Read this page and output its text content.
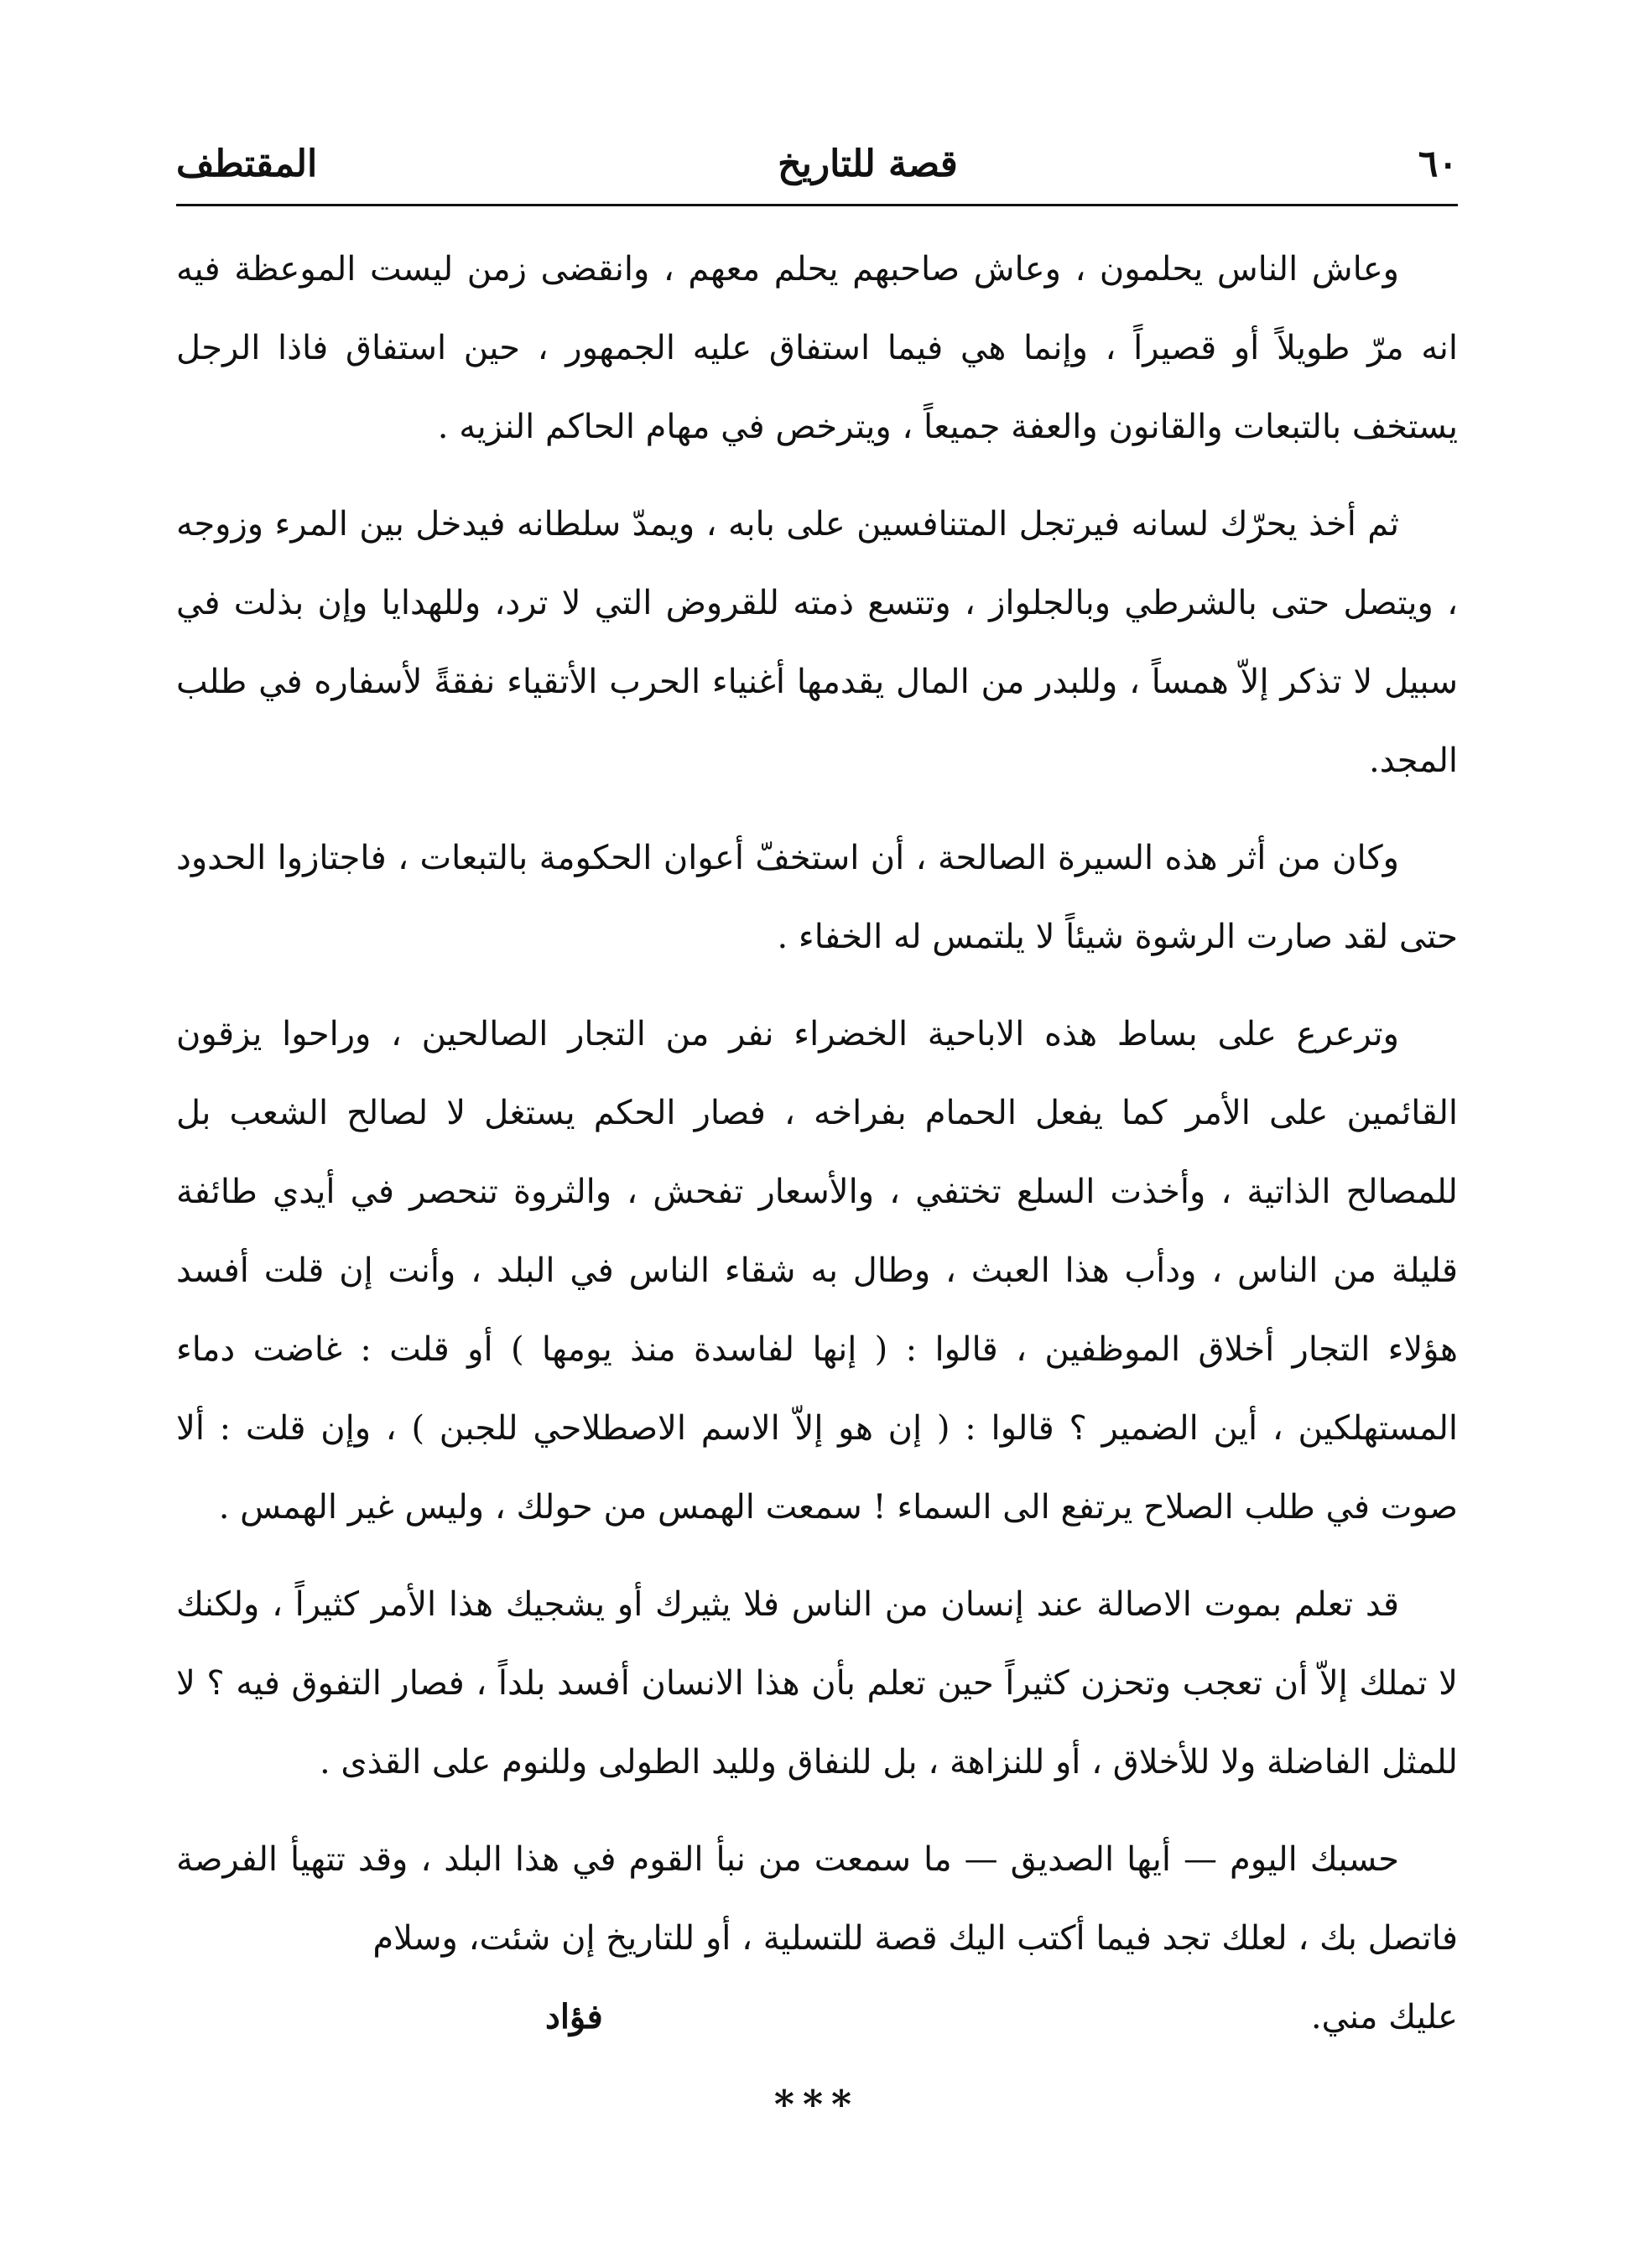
٦٠
قصة للتاريخ
المقتطف

وعاش الناس يحلمون ، وعاش صاحبهم يحلم معهم ، وانقضى زمن ليست الموعظة فيه انه مرّ طويلاً أو قصيراً ، وإنما هي فيما استفاق عليه الجمهور ، حين استفاق فاذا الرجل يستخف بالتبعات والقانون والعفة جميعاً ، ويترخص في مهام الحاكم النزيه .

ثم أخذ يحرّك لسانه فيرتجل المتنافسين على بابه ، ويمدّ سلطانه فيدخل بين المرء وزوجه ، ويتصل حتى بالشرطي وبالجلواز ، وتتسع ذمته للقروض التي لا ترد، وللهدايا وإن بذلت في سبيل لا تذكر إلاّ همساً ، وللبدر من المال يقدمها أغنياء الحرب الأتقياء نفقةً لأسفاره في طلب المجد.

وكان من أثر هذه السيرة الصالحة ، أن استخفّ أعوان الحكومة بالتبعات ، فاجتازوا الحدود حتى لقد صارت الرشوة شيئاً لا يلتمس له الخفاء .

وترعرع على بساط هذه الاباحية الخضراء نفر من التجار الصالحين ، وراحوا يزقون القائمين على الأمر كما يفعل الحمام بفراخه ، فصار الحكم يستغل لا لصالح الشعب بل للمصالح الذاتية ، وأخذت السلع تختفي ، والأسعار تفحش ، والثروة تنحصر في أيدي طائفة قليلة من الناس ، ودأب هذا العبث ، وطال به شقاء الناس في البلد ، وأنت إن قلت أفسد هؤلاء التجار أخلاق الموظفين ، قالوا : ( إنها لفاسدة منذ يومها ) أو قلت : غاضت دماء المستهلكين ، أين الضمير ؟ قالوا : ( إن هو إلاّ الاسم الاصطلاحي للجبن ) ، وإن قلت : ألا صوت في طلب الصلاح يرتفع الى السماء ! سمعت الهمس من حولك ، وليس غير الهمس .

قد تعلم بموت الاصالة عند إنسان من الناس فلا يثيرك أو يشجيك هذا الأمر كثيراً ، ولكنك لا تملك إلاّ أن تعجب وتحزن كثيراً حين تعلم بأن هذا الانسان أفسد بلداً ، فصار التفوق فيه ؟ لا للمثل الفاضلة ولا للأخلاق ، أو للنزاهة ، بل للنفاق ولليد الطولى وللنوم على القذى .

حسبك اليوم — أيها الصديق — ما سمعت من نبأ القوم في هذا البلد ، وقد تتهيأ الفرصة فاتصل بك ، لعلك تجد فيما أكتب اليك قصة للتسلية ، أو للتاريخ إن شئت، وسلام

عليك مني.
فؤاد
***
